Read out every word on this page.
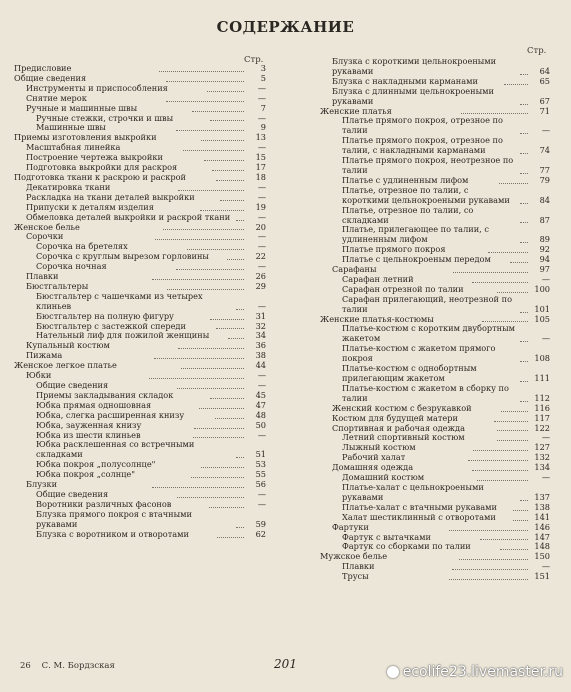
СОДЕРЖАНИЕ
Стр.
Стр.
Предисловие	3
Общие сведения	5
Инструменты и приспособления	—
Снятие мерок	—
Ручные и машинные швы	7
Ручные стежки, строчки и швы	—
Машинные швы	9
Приемы изготовления выкройки	13
Масштабная линейка	—
Построение чертежа выкройки	15
Подготовка выкройки для раскроя	17
Подготовка ткани к раскрою и раскрой	18
Декатировка ткани	—
Раскладка на ткани деталей выкройки	—
Припуски к деталям изделия	19
Обмеловка деталей выкройки и раскрой ткани	—
Женское белье	20
Сорочки	—
Сорочка на бретелях	—
Сорочка с круглым вырезом горловины	22
Сорочка ночная	—
Плавки	26
Бюстгальтеры	29
Бюстгальтер с чашечками из четырех клиньев	—
Бюстгальтер на полную фигуру	31
Бюстгальтер с застежкой спереди	32
Нательный лиф для пожилой женщины	34
Купальный костюм	36
Пижама	38
Женское легкое платье	44
Юбки	—
Общие сведения	—
Приемы закладывания складок	45
Юбка прямая одношовная	47
Юбка, слегка расширенная книзу	48
Юбка, зауженная книзу	50
Юбка из шести клиньев	—
Юбка расклешенная со встречными складками	51
Юбка покроя „полусолнце"	53
Юбка покроя „солнце"	55
Блузки	56
Общие сведения	—
Воротники различных фасонов	—
Блузка прямого покроя с втачными рукавами	59
Блузка с воротником и отворотами	62
Блузка с короткими цельнокроеными рукавами	64
Блузка с накладными карманами	65
Блузка с длинными цельнокроеными рукавами	67
Женские платья	71
Платье прямого покроя, отрезное по талии	—
Платье прямого покроя, отрезное по талии, с накладными карманами	74
Платье прямого покроя, неотрезное по талии	77
Платье с удлиненным лифом	79
Платье, отрезное по талии, с короткими цельнокроеными рукавами	84
Платье, отрезное по талии, со складками	87
Платье, прилегающее по талии, с удлиненным лифом	89
Платье прямого покроя	92
Платье с цельнокроеным передом	94
Сарафаны	97
Сарафан летний	—
Сарафан отрезной по талии	100
Сарафан прилегающий, неотрезной по талии	101
Женские платья-костюмы	105
Платье-костюм с коротким двубортным жакетом	—
Платье-костюм с жакетом прямого покроя	108
Платье-костюм с однобортным прилегающим жакетом	111
Платье-костюм с жакетом в сборку по талии	112
Женский костюм с безрукавкой	116
Костюм для будущей матери	117
Спортивная и рабочая одежда	122
Летний спортивный костюм	—
Лыжный костюм	127
Рабочий халат	132
Домашняя одежда	134
Домашний костюм	—
Платье-халат с цельнокроеными рукавами	137
Платье-халат с втачными рукавами	138
Халат шестиклинный с отворотами	141
Фартуки	146
Фартук с вытачками	147
Фартук со сборками по талии	148
Мужское белье	150
Плавки	—
Трусы	151
26 С. М. Бордзская	201	ecolife23.livemaster.ru
